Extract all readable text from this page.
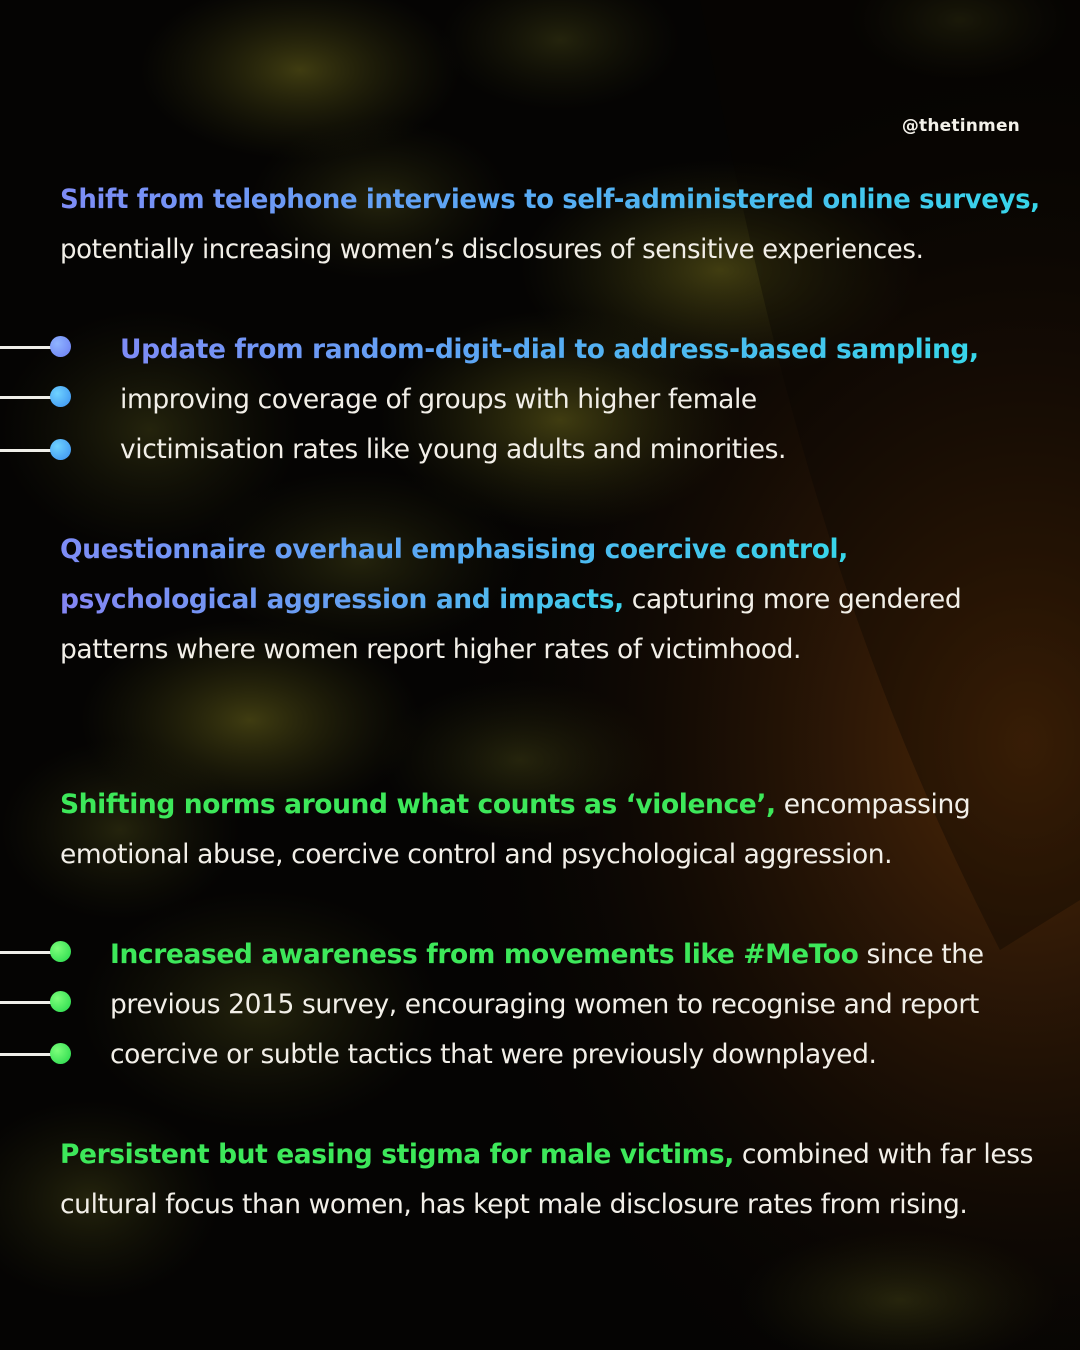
@thetinmen
Shift from telephone interviews to self-administered online surveys,
potentially increasing women’s disclosures of sensitive experiences.
Update from random-digit-dial to address-based sampling,
improving coverage of groups with higher female
victimisation rates like young adults and minorities.
Questionnaire overhaul emphasising coercive control,
psychological aggression and impacts, capturing more gendered
patterns where women report higher rates of victimhood.
Shifting norms around what counts as ‘violence’, encompassing
emotional abuse, coercive control and psychological aggression.
Increased awareness from movements like #MeToo since the
previous 2015 survey, encouraging women to recognise and report
coercive or subtle tactics that were previously downplayed.
Persistent but easing stigma for male victims, combined with far less
cultural focus than women, has kept male disclosure rates from rising.
